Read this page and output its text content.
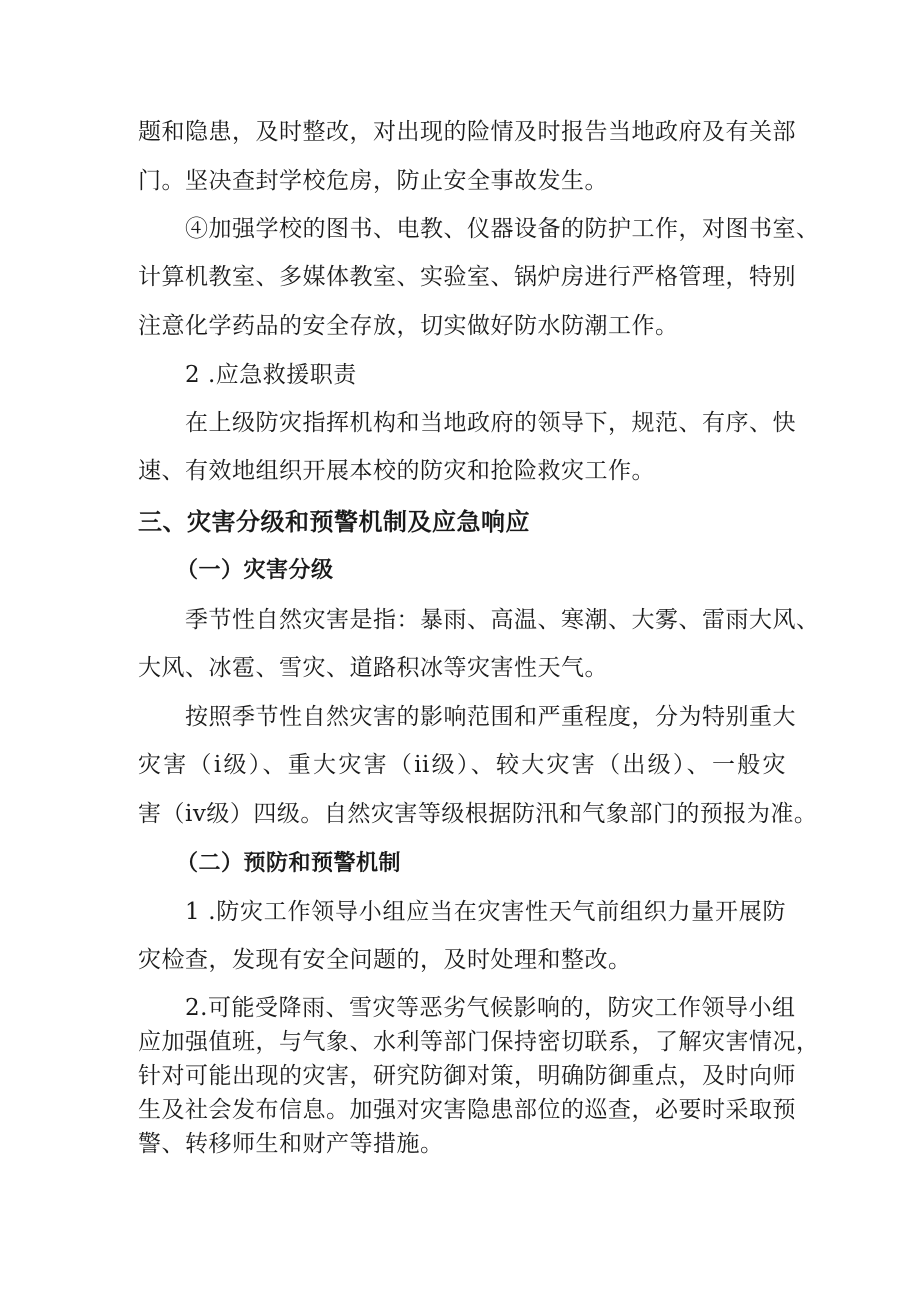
题和隐患，及时整改，对出现的险情及时报告当地政府及有关部
门。坚决查封学校危房，防止安全事故发生。
④加强学校的图书、电教、仪器设备的防护工作，对图书室、
计算机教室、多媒体教室、实验室、锅炉房进行严格管理，特别
注意化学药品的安全存放，切实做好防水防潮工作。
2 .应急救援职责
在上级防灾指挥机构和当地政府的领导下，规范、有序、快
速、有效地组织开展本校的防灾和抢险救灾工作。
三、灾害分级和预警机制及应急响应
（一）灾害分级
季节性自然灾害是指：暴雨、高温、寒潮、大雾、雷雨大风、
大风、冰雹、雪灾、道路积冰等灾害性天气。
按照季节性自然灾害的影响范围和严重程度，分为特别重大
灾害（i级）、重大灾害（ii级）、较大灾害（出级）、一般灾
害（iv级）四级。自然灾害等级根据防汛和气象部门的预报为准。
（二）预防和预警机制
1 .防灾工作领导小组应当在灾害性天气前组织力量开展防
灾检查，发现有安全问题的，及时处理和整改。
2.可能受降雨、雪灾等恶劣气候影响的，防灾工作领导小组
应加强值班，与气象、水利等部门保持密切联系，了解灾害情况，
针对可能出现的灾害，研究防御对策，明确防御重点，及时向师
生及社会发布信息。加强对灾害隐患部位的巡查，必要时采取预
警、转移师生和财产等措施。
